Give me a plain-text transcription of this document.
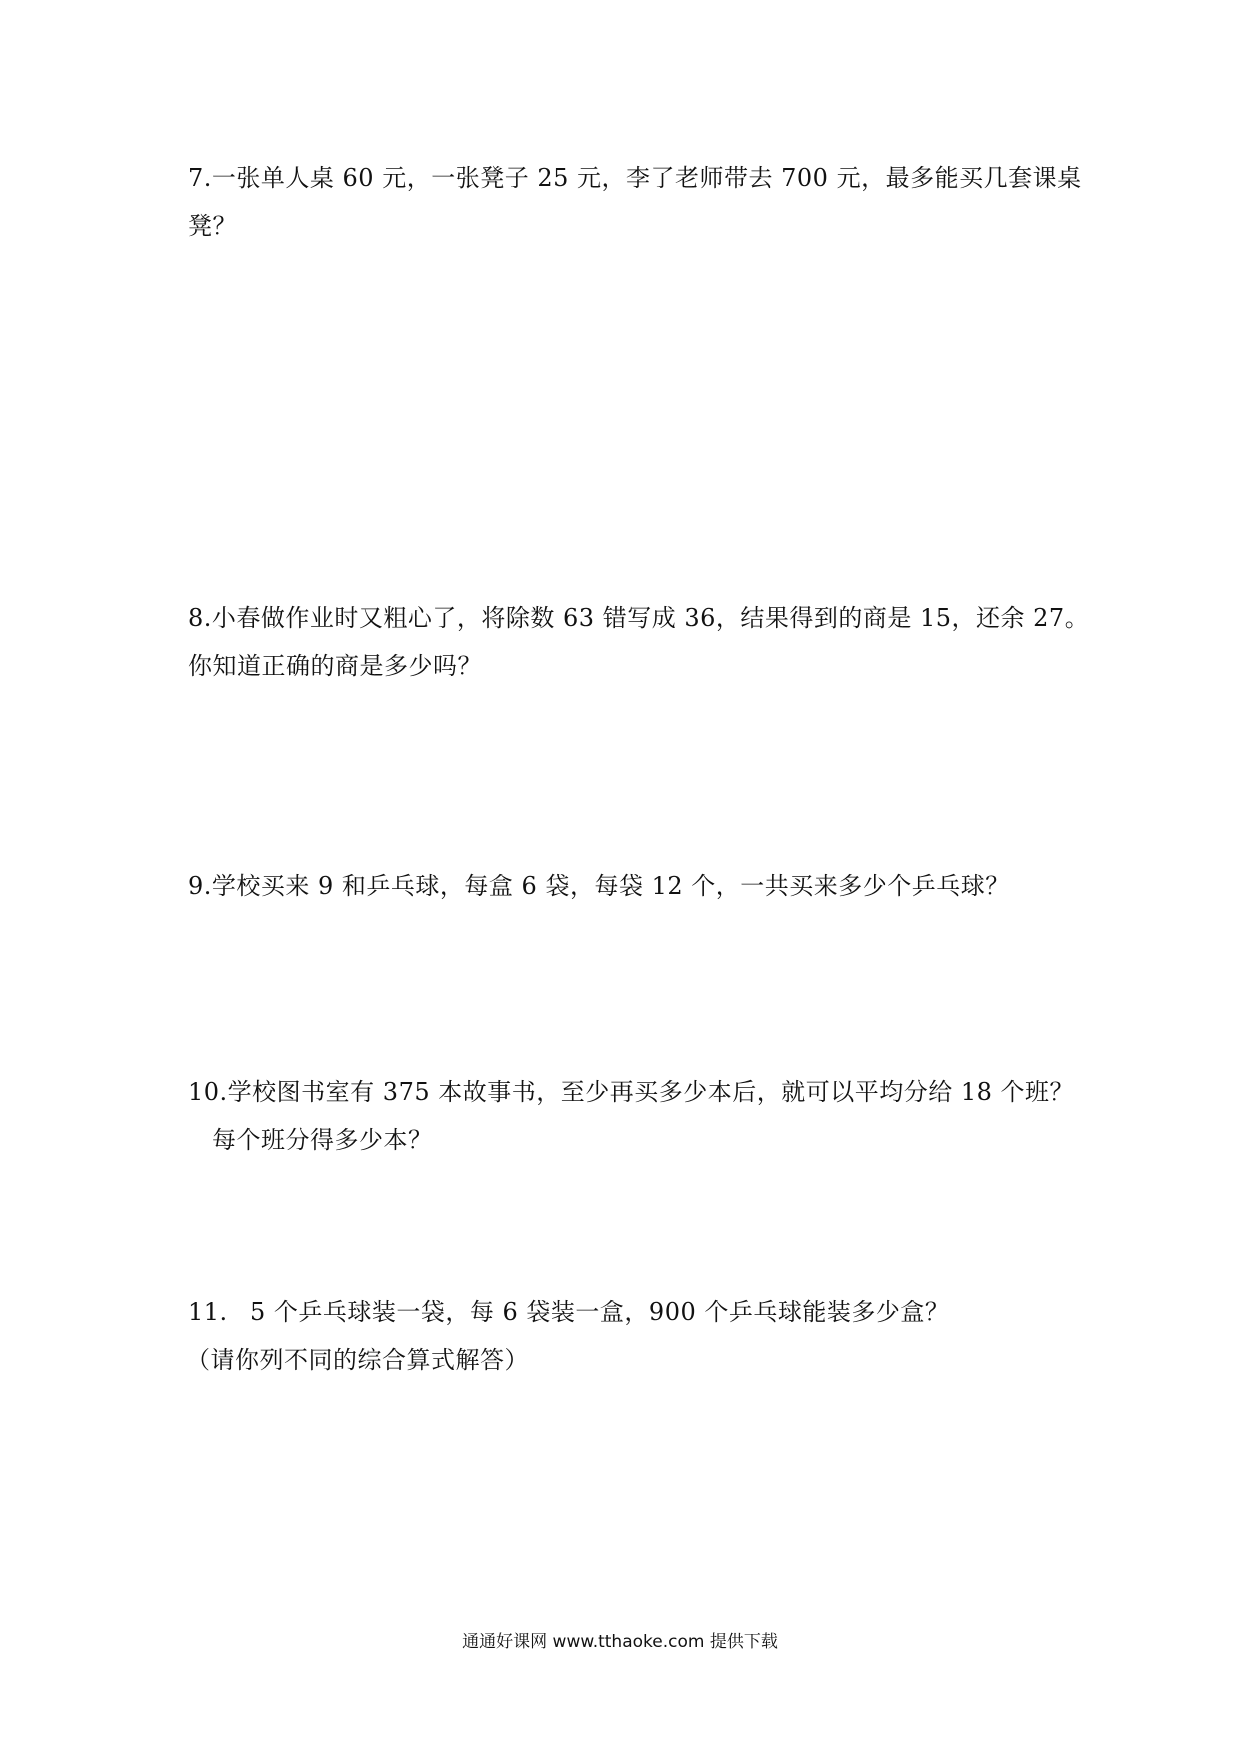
7.一张单人桌 60 元，一张凳子 25 元，李了老师带去 700 元，最多能买几套课桌
凳？
8.小春做作业时又粗心了，将除数 63 错写成 36，结果得到的商是 15，还余 27。
你知道正确的商是多少吗？
9.学校买来 9 和乒乓球，每盒 6 袋，每袋 12 个，一共买来多少个乒乓球？
10.学校图书室有 375 本故事书，至少再买多少本后，就可以平均分给 18 个班？
每个班分得多少本？
11. 5 个乒乓球装一袋，每 6 袋装一盒，900 个乒乓球能装多少盒？
（请你列不同的综合算式解答）
通通好课网 www.tthaoke.com 提供下载
